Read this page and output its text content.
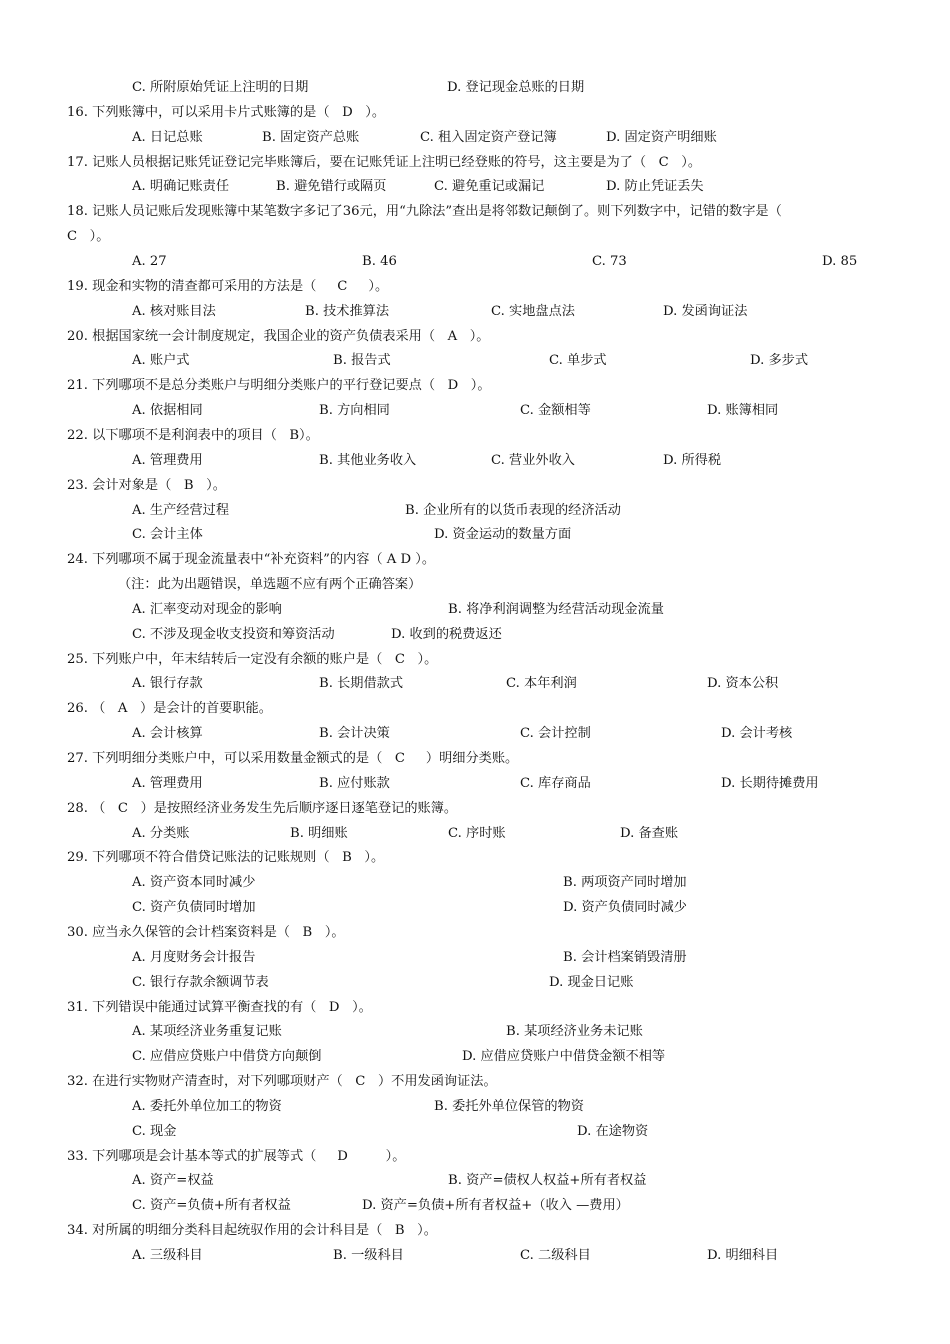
C. 所附原始凭证上注明的日期	D. 登记现金总账的日期
16. 下列账簿中，可以采用卡片式账簿的是（   D   ）。
A. 日记总账	B. 固定资产总账	C. 租入固定资产登记簿	D. 固定资产明细账
17. 记账人员根据记账凭证登记完毕账簿后，要在记账凭证上注明已经登账的符号，这主要是为了（   C   ）。
A. 明确记账责任	B. 避免错行或隔页	C. 避免重记或漏记	D. 防止凭证丢失
18. 记账人员记账后发现账簿中某笔数字多记了36元，用“九除法”查出是将邻数记颠倒了。则下列数字中，记错的数字是（
C   ）。
A. 27	B. 46	C. 73	D. 85
19. 现金和实物的清查都可采用的方法是（     C     ）。
A. 核对账目法	B. 技术推算法	C. 实地盘点法	D. 发函询证法
20. 根据国家统一会计制度规定，我国企业的资产负债表采用（   A   ）。
A. 账户式	B. 报告式	C. 单步式	D. 多步式
21. 下列哪项不是总分类账户与明细分类账户的平行登记要点（   D   ）。
A. 依据相同	B. 方向相同	C. 金额相等	D. 账簿相同
22. 以下哪项不是利润表中的项目（   B）。
A. 管理费用	B. 其他业务收入	C. 营业外收入	D. 所得税
23. 会计对象是（   B   ）。
A. 生产经营过程	B. 企业所有的以货币表现的经济活动
C. 会计主体	D. 资金运动的数量方面
24. 下列哪项不属于现金流量表中“补充资料”的内容（ A D ）。
（注：此为出题错误，单选题不应有两个正确答案）
A. 汇率变动对现金的影响	B. 将净利润调整为经营活动现金流量
C. 不涉及现金收支投资和筹资活动	D. 收到的税费返还
25. 下列账户中，年末结转后一定没有余额的账户是（   C   ）。
A. 银行存款	B. 长期借款式	C. 本年利润	D. 资本公积
26. （   A   ）是会计的首要职能。
A. 会计核算	B. 会计决策	C. 会计控制	D. 会计考核
27. 下列明细分类账户中，可以采用数量金额式的是（   C     ）明细分类账。
A. 管理费用	B. 应付账款	C. 库存商品	D. 长期待摊费用
28. （   C   ）是按照经济业务发生先后顺序逐日逐笔登记的账簿。
A. 分类账	B. 明细账	C. 序时账	D. 备查账
29. 下列哪项不符合借贷记账法的记账规则（   B   ）。
A. 资产资本同时减少	B. 两项资产同时增加
C. 资产负债同时增加	D. 资产负债同时减少
30. 应当永久保管的会计档案资料是（   B   ）。
A. 月度财务会计报告	B. 会计档案销毁清册
C. 银行存款余额调节表	D. 现金日记账
31. 下列错误中能通过试算平衡查找的有（   D   ）。
A. 某项经济业务重复记账	B. 某项经济业务未记账
C. 应借应贷账户中借贷方向颠倒	D. 应借应贷账户中借贷金额不相等
32. 在进行实物财产清查时，对下列哪项财产（   C   ）不用发函询证法。
A. 委托外单位加工的物资	B. 委托外单位保管的物资
C. 现金	D. 在途物资
33. 下列哪项是会计基本等式的扩展等式（     D         ）。
A. 资产=权益	B. 资产=债权人权益+所有者权益
C. 资产=负债+所有者权益	D. 资产=负债+所有者权益+（收入 —费用）
34. 对所属的明细分类科目起统驭作用的会计科目是（   B   ）。
A. 三级科目	B. 一级科目	C. 二级科目	D. 明细科目
